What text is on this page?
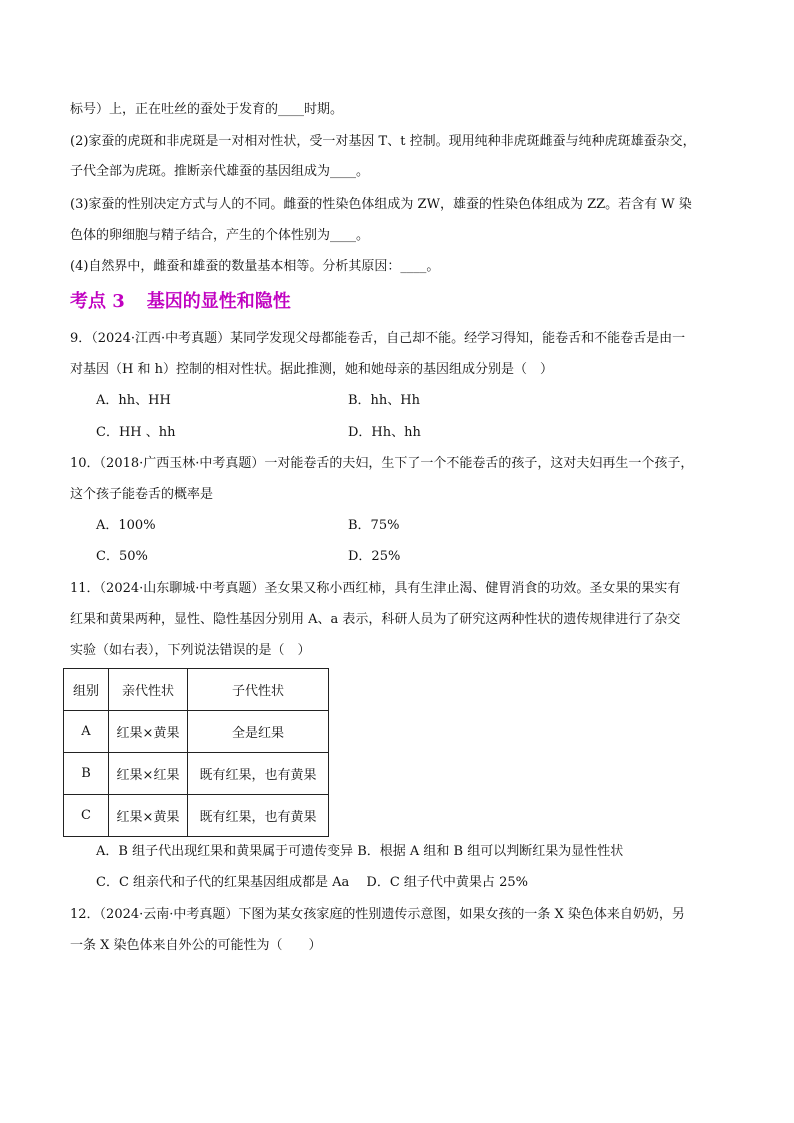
标号）上，正在吐丝的蚕处于发育的____时期。
(2)家蚕的虎斑和非虎斑是一对相对性状，受一对基因 T、t 控制。现用纯种非虎斑雌蚕与纯种虎斑雄蚕杂交，
子代全部为虎斑。推断亲代雄蚕的基因组成为____。
(3)家蚕的性别决定方式与人的不同。雌蚕的性染色体组成为 ZW，雄蚕的性染色体组成为 ZZ。若含有 W 染
色体的卵细胞与精子结合，产生的个体性别为____。
(4)自然界中，雌蚕和雄蚕的数量基本相等。分析其原因：____。
考点 3 基因的显性和隐性
9．（2024·江西·中考真题）某同学发现父母都能卷舌，自己却不能。经学习得知，能卷舌和不能卷舌是由一
对基因（H 和 h）控制的相对性状。据此推测，她和她母亲的基因组成分别是（　）
A．hh、HH	B．hh、Hh
C．HH 、hh	D．Hh、hh
10．（2018·广西玉林·中考真题）一对能卷舌的夫妇，生下了一个不能卷舌的孩子，这对夫妇再生一个孩子，
这个孩子能卷舌的概率是
A．100%	B．75%
C．50%	D．25%
11．（2024·山东聊城·中考真题）圣女果又称小西红柿，具有生津止渴、健胃消食的功效。圣女果的果实有
红果和黄果两种，显性、隐性基因分别用 A、a 表示，科研人员为了研究这两种性状的遗传规律进行了杂交
实验（如右表），下列说法错误的是（　）
组别	亲代性状	子代性状
A	红果×黄果	全是红果
B	红果×红果	既有红果，也有黄果
C	红果×黄果	既有红果，也有黄果
A．B 组子代出现红果和黄果属于可遗传变异 B．根据 A 组和 B 组可以判断红果为显性性状
C．C 组亲代和子代的红果基因组成都是 Aa　 D．C 组子代中黄果占 25%
12．（2024·云南·中考真题）下图为某女孩家庭的性别遗传示意图，如果女孩的一条 X 染色体来自奶奶，另
一条 X 染色体来自外公的可能性为（　　）
